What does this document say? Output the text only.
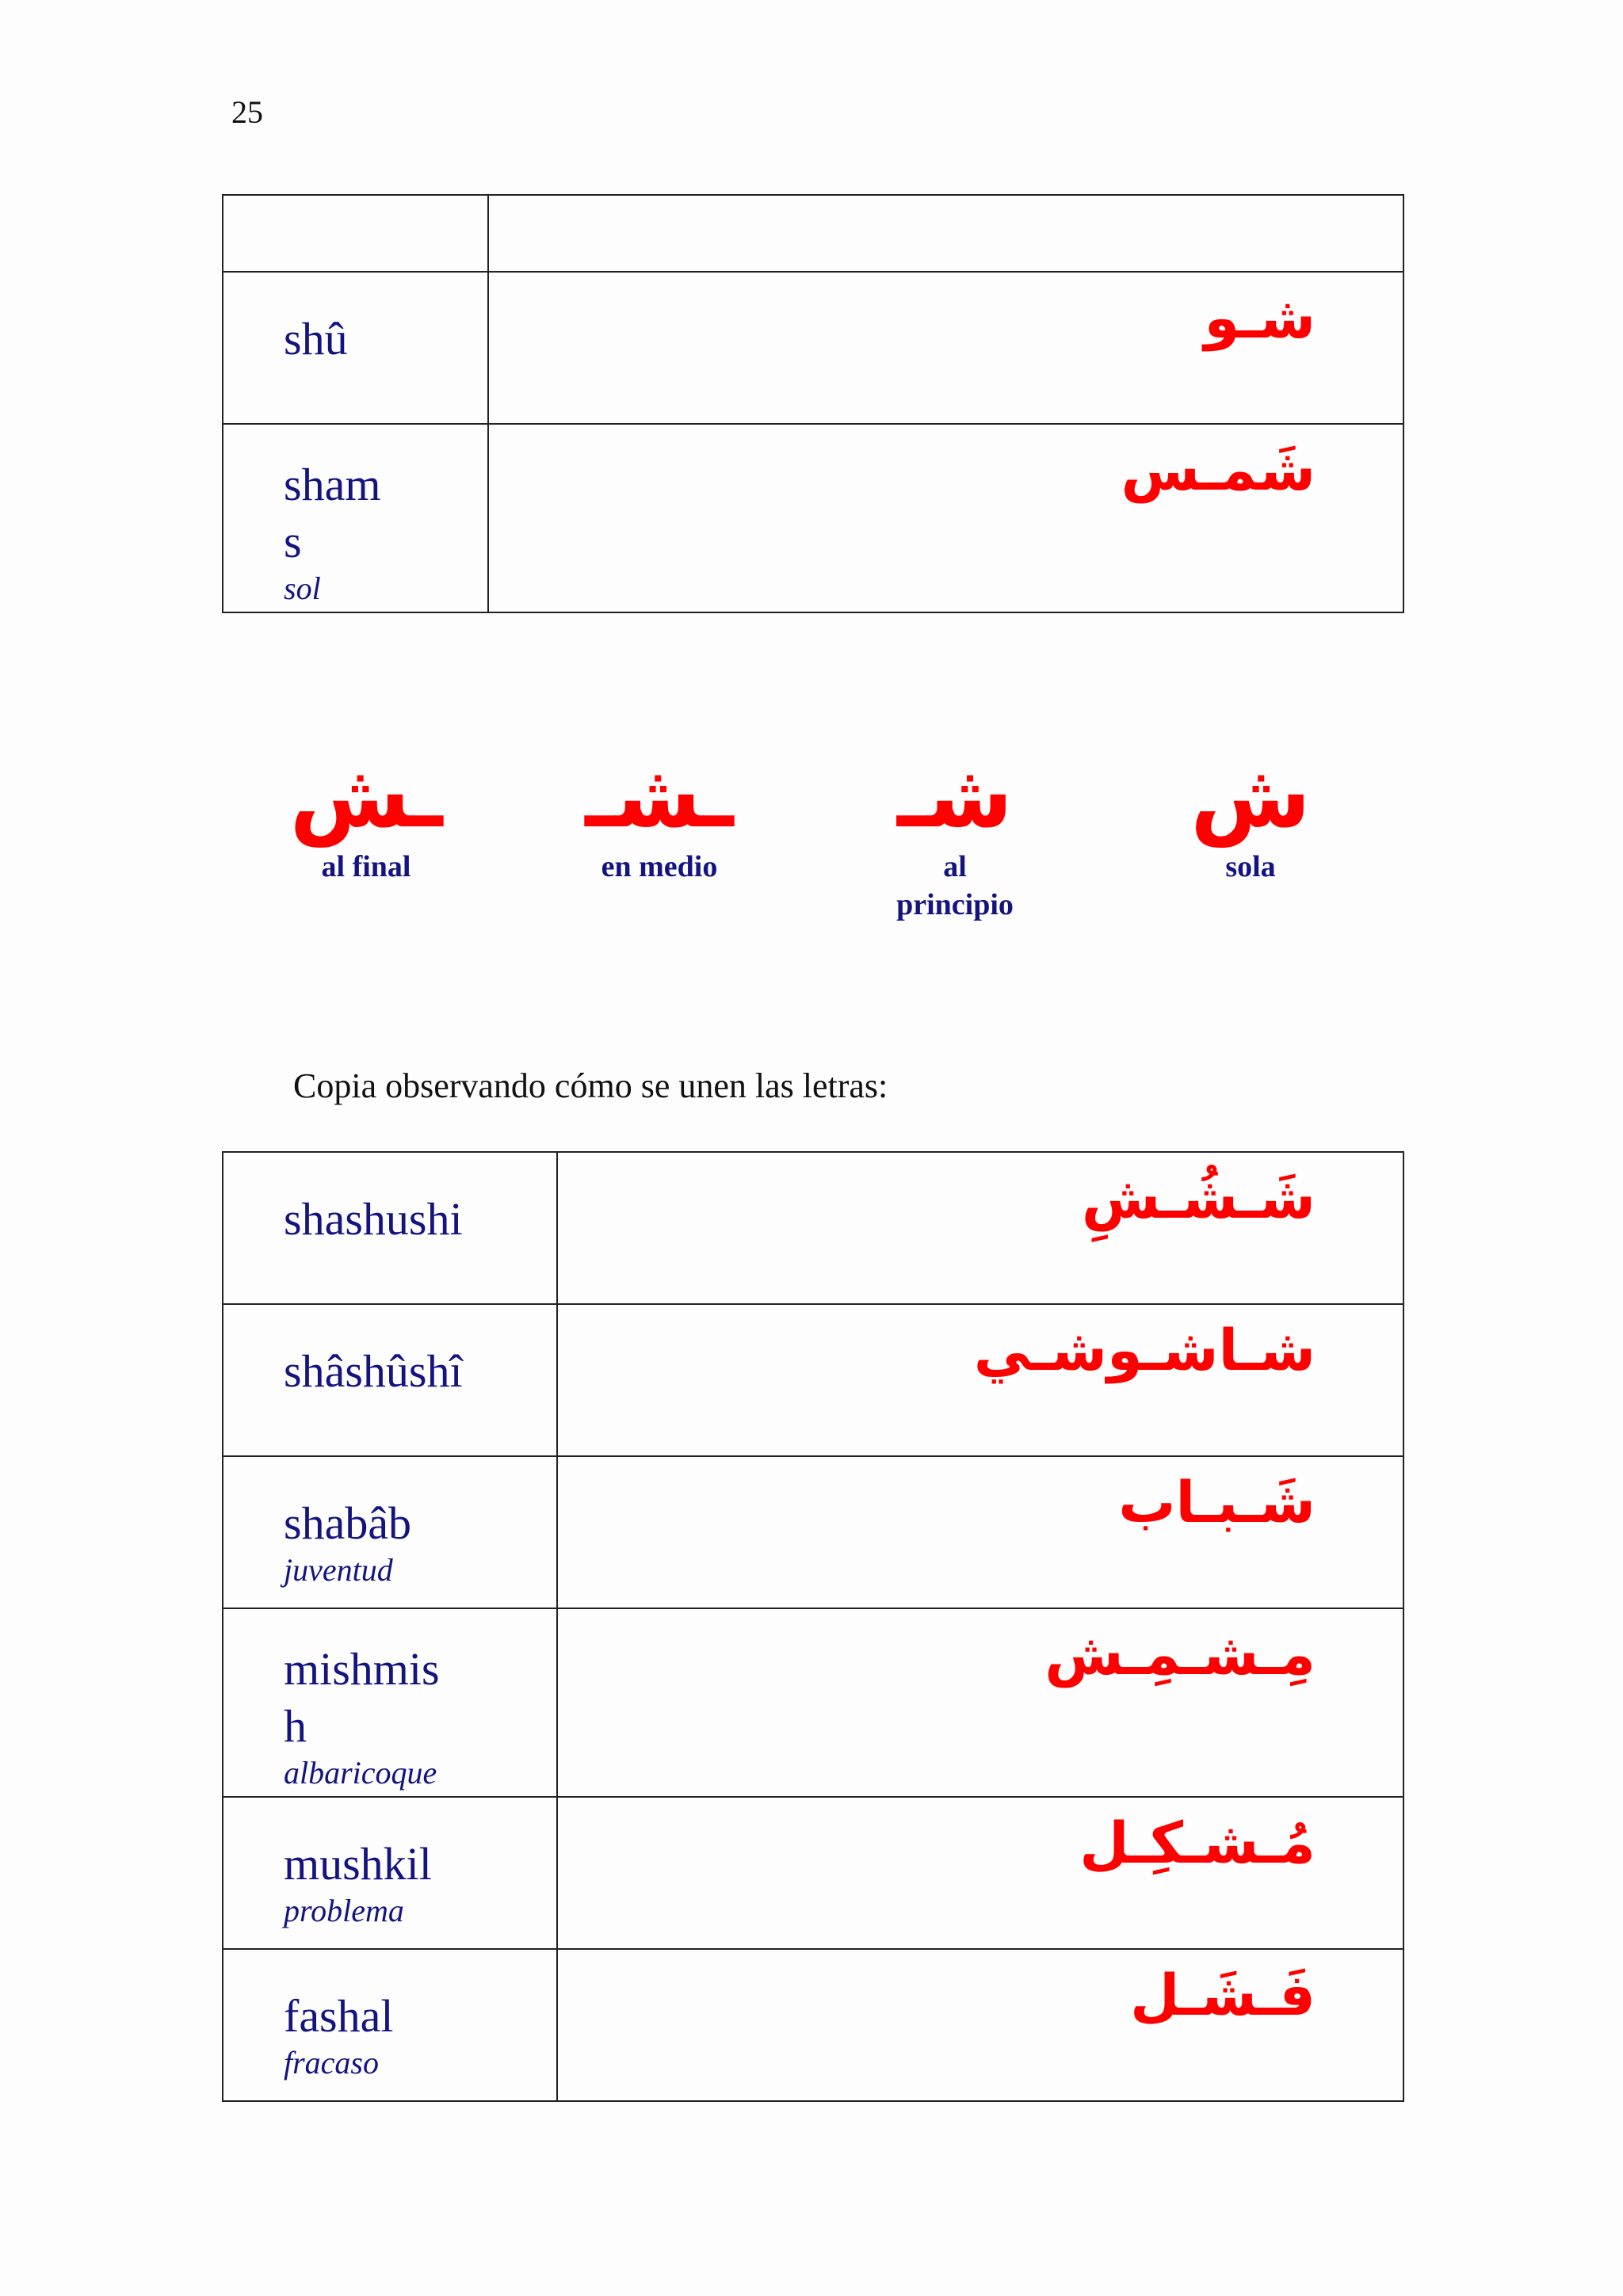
25

shû	شـو

sham
s
sol	شَمـس
ـش
al final
ـشـ
en medio
شـ
al
principio
ش
sola
Copia observando cómo se unen las letras:
shashushi	شَـشُـشِ

shâshûshî	شـاشـوشـي

shabâb
juventud	شَـبـاب

mishmis
h
albaricoque	مِـشـمِـش

mushkil
problema	مُـشـكِـل

fashal
fracaso	فَـشَـل
